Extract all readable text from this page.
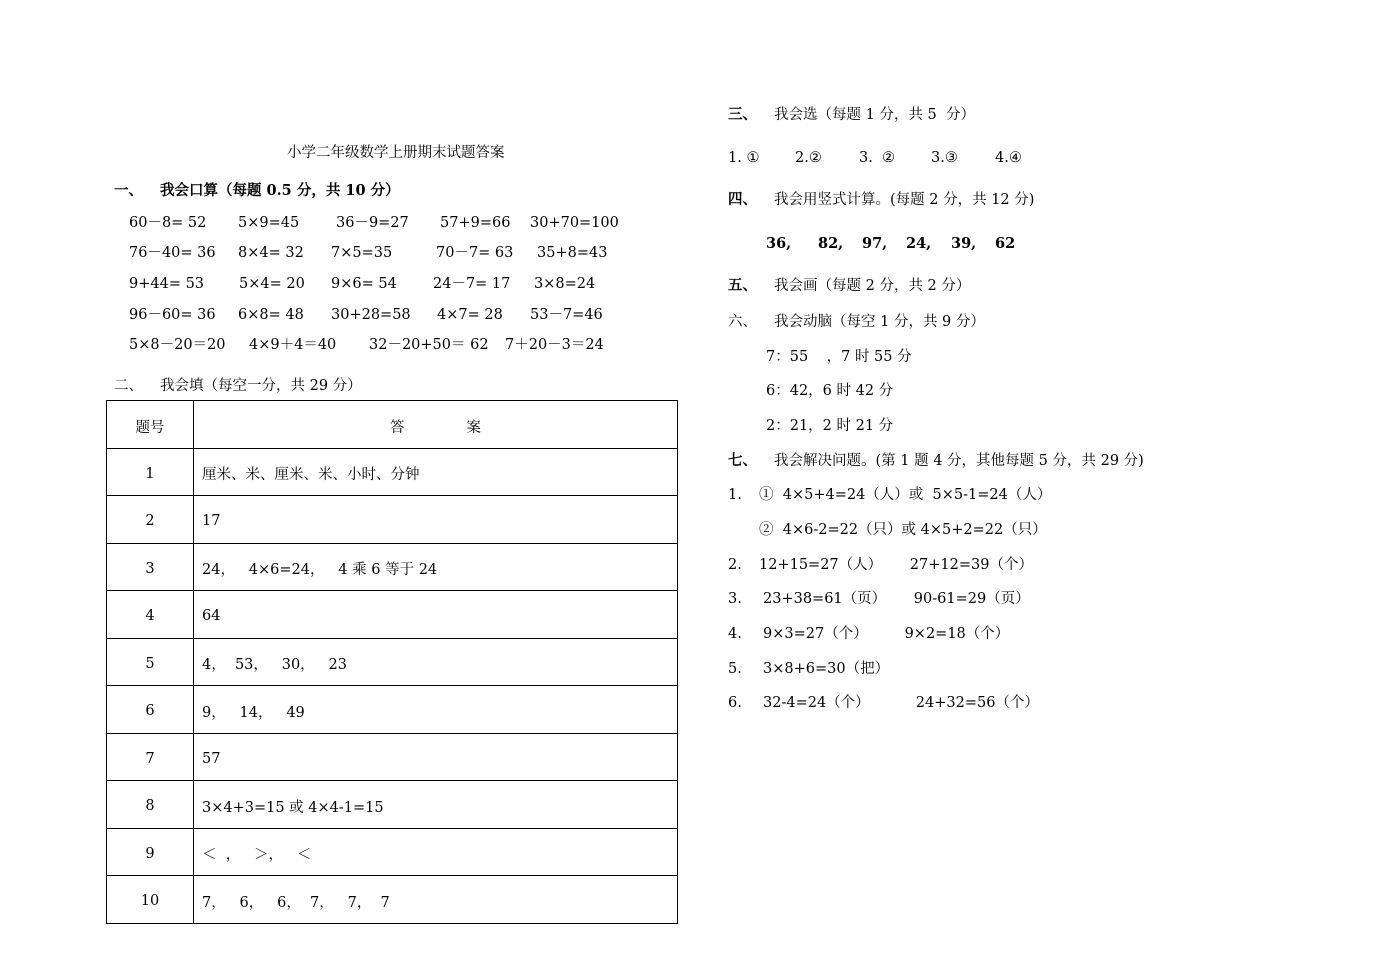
小学二年级数学上册期末试题答案
一、 我会口算（每题 0.5 分，共 10 分）
60－8= 52 5×9=45	36－9=27 57+9=66 30+70=100
76－40= 36 8×4= 32 7×5=35	70－7= 63 35+8=43
9+44= 53 5×4= 20 9×6= 54 24－7= 17 3×8=24
96－60= 36 6×8= 48 30+28=58 4×7= 28 53－7=46
5×8－20＝20 4×9＋4＝40 32－20+50＝ 62 7＋20－3＝24
二、 我会填（每空一分，共 29 分）
题号	答 案
1	厘米、米、厘米、米、小时、分钟
2	17
3	24，   4×6=24，   4 乘 6 等于 24
4	64
5	4，  53，   30，   23
6	9，   14，   49
7	57
8	3×4+3=15 或 4×4-1=15
9	＜  ，   ＞，   ＜
10	7，   6，   6，  7，   7，  7
三、 我会选（每题 1 分，共 5  分）
1. ① 2.②	3.  ② 3.③	4.④
四、 我会用竖式计算。(每题 2 分，共 12 分)
36, 82, 97, 24, 39, 62
五、 我会画（每题 2 分，共 2 分）
六、 我会动脑（每空 1 分，共 9 分）
7：55    ，7 时 55 分
6：42，6 时 42 分
2：21，2 时 21 分
七、 我会解决问题。(第 1 题 4 分，其他每题 5 分，共 29 分)
1. ①  4×5+4=24（人）或  5×5-1=24（人）
②  4×6-2=22（只）或 4×5+2=22（只）
2. 12+15=27（人）      27+12=39（个）
3. 23+38=61（页）      90-61=29（页）
4. 9×3=27（个）        9×2=18（个）
5. 3×8+6=30（把）
6. 32-4=24（个）          24+32=56（个）
